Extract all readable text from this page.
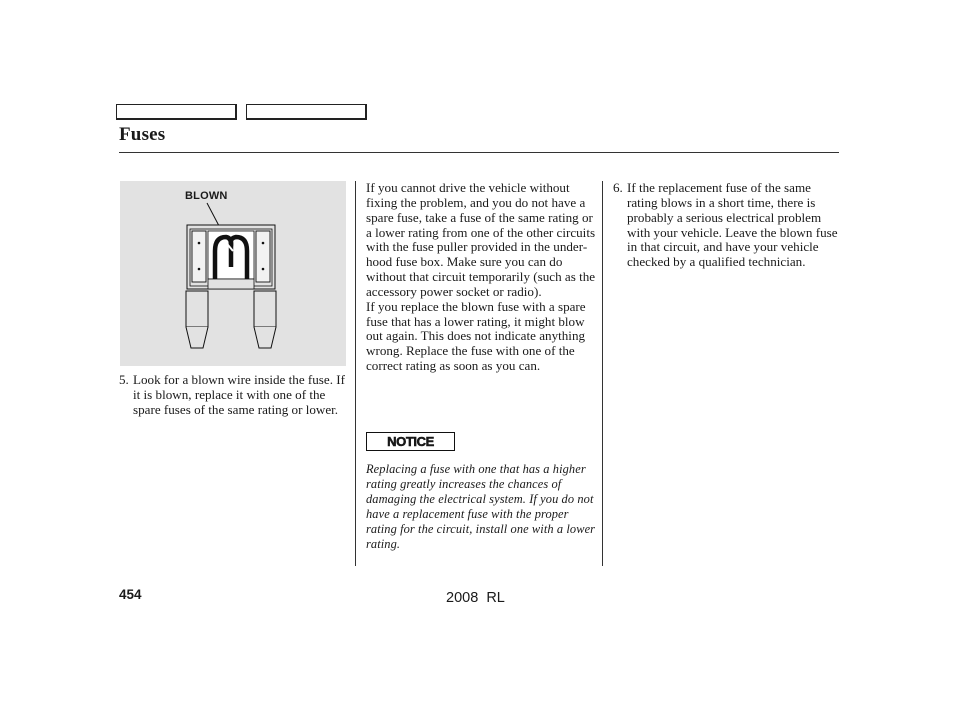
Fuses
BLOWN

5. Look for a blown wire inside the fuse. If it is blown, replace it with one of the spare fuses of the same rating or lower.

If you cannot drive the vehicle without fixing the problem, and you do not have a spare fuse, take a fuse of the same rating or a lower rating from one of the other circuits with the fuse puller provided in the under-hood fuse box. Make sure you can do without that circuit temporarily (such as the accessory power socket or radio).

If you replace the blown fuse with a spare fuse that has a lower rating, it might blow out again. This does not indicate anything wrong. Replace the fuse with one of the correct rating as soon as you can.

NOTICE

Replacing a fuse with one that has a higher rating greatly increases the chances of damaging the electrical system. If you do not have a replacement fuse with the proper rating for the circuit, install one with a lower rating.

6. If the replacement fuse of the same rating blows in a short time, there is probably a serious electrical problem with your vehicle. Leave the blown fuse in that circuit, and have your vehicle checked by a qualified technician.

454	2008  RL
